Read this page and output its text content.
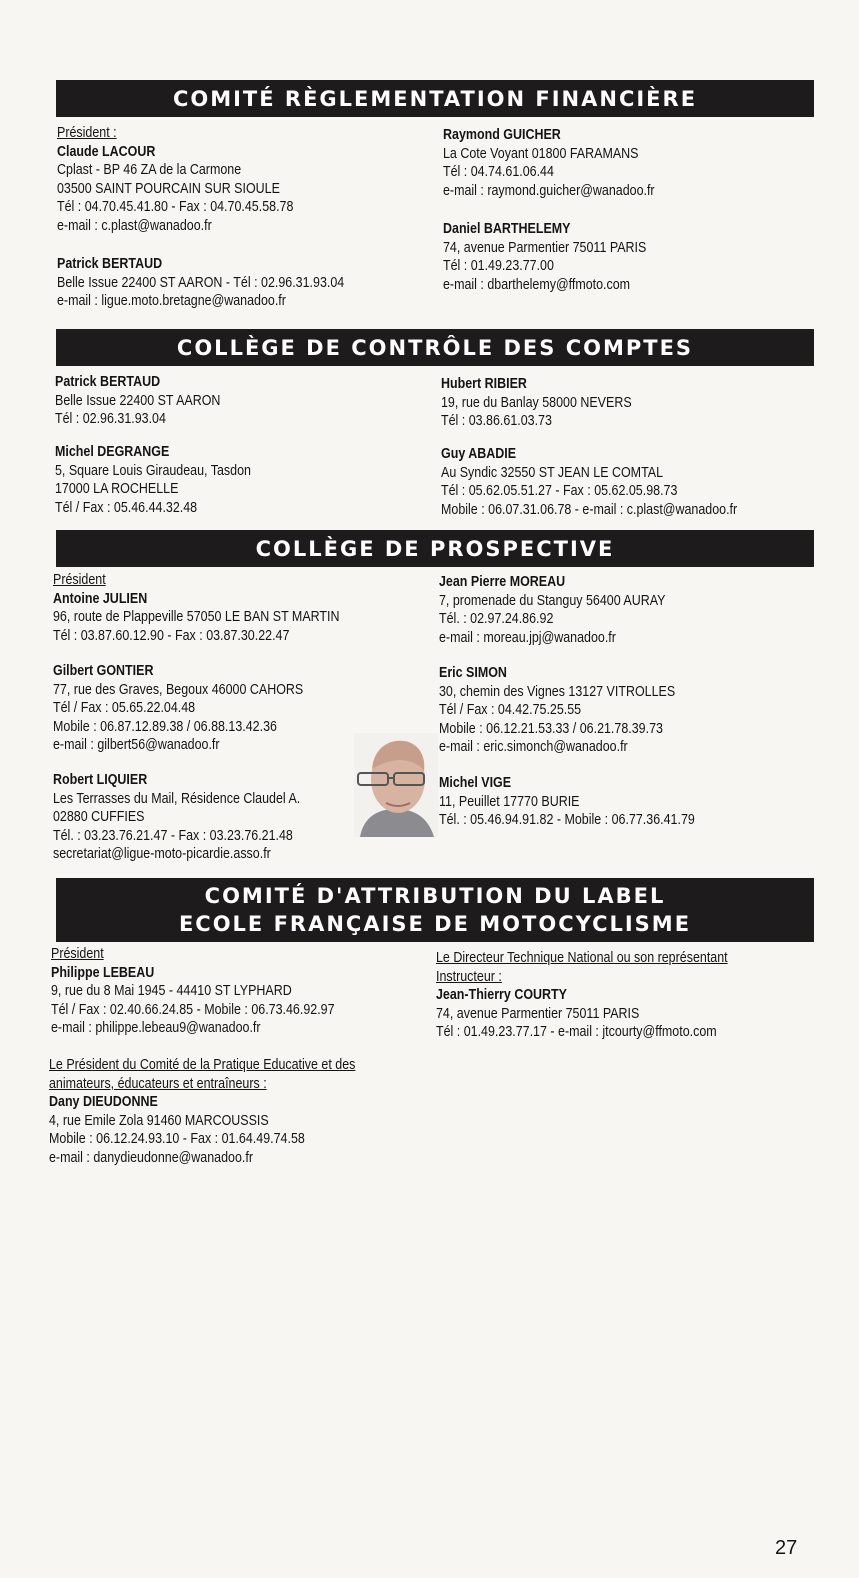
COMITÉ RÈGLEMENTATION FINANCIÈRE
Président :
Claude LACOUR
Cplast - BP 46 ZA de la Carmone
03500 SAINT POURCAIN SUR SIOULE
Tél : 04.70.45.41.80 - Fax : 04.70.45.58.78
e-mail : c.plast@wanadoo.fr
Patrick BERTAUD
Belle Issue 22400 ST AARON - Tél : 02.96.31.93.04
e-mail : ligue.moto.bretagne@wanadoo.fr
Raymond GUICHER
La Cote Voyant 01800 FARAMANS
Tél : 04.74.61.06.44
e-mail : raymond.guicher@wanadoo.fr
Daniel BARTHELEMY
74, avenue Parmentier 75011 PARIS
Tél : 01.49.23.77.00
e-mail : dbarthelemy@ffmoto.com
COLLÈGE DE CONTRÔLE DES COMPTES
Patrick BERTAUD
Belle Issue 22400 ST AARON
Tél : 02.96.31.93.04
Michel DEGRANGE
5, Square Louis Giraudeau, Tasdon
17000 LA ROCHELLE
Tél / Fax : 05.46.44.32.48
Hubert RIBIER
19, rue du Banlay 58000 NEVERS
Tél : 03.86.61.03.73
Guy ABADIE
Au Syndic 32550 ST JEAN LE COMTAL
Tél : 05.62.05.51.27 - Fax : 05.62.05.98.73
Mobile : 06.07.31.06.78 - e-mail : c.plast@wanadoo.fr
COLLÈGE DE PROSPECTIVE
Président
Antoine JULIEN
96, route de Plappeville 57050 LE BAN ST MARTIN
Tél : 03.87.60.12.90 - Fax : 03.87.30.22.47
Gilbert GONTIER
77, rue des Graves, Begoux 46000 CAHORS
Tél / Fax : 05.65.22.04.48
Mobile : 06.87.12.89.38 / 06.88.13.42.36
e-mail : gilbert56@wanadoo.fr
Robert LIQUIER
Les Terrasses du Mail, Résidence Claudel A.
02880 CUFFIES
Tél. : 03.23.76.21.47 - Fax : 03.23.76.21.48
secretariat@ligue-moto-picardie.asso.fr
Jean Pierre MOREAU
7, promenade du Stanguy 56400 AURAY
Tél. : 02.97.24.86.92
e-mail : moreau.jpj@wanadoo.fr
Eric SIMON
30, chemin des Vignes 13127 VITROLLES
Tél / Fax : 04.42.75.25.55
Mobile : 06.12.21.53.33 / 06.21.78.39.73
e-mail : eric.simonch@wanadoo.fr
Michel VIGE
11, Peuillet 17770 BURIE
Tél. : 05.46.94.91.82 - Mobile : 06.77.36.41.79
COMITÉ D'ATTRIBUTION DU LABEL
ECOLE FRANÇAISE DE MOTOCYCLISME
Président
Philippe LEBEAU
9, rue du 8 Mai 1945 - 44410 ST LYPHARD
Tél / Fax : 02.40.66.24.85 - Mobile : 06.73.46.92.97
e-mail : philippe.lebeau9@wanadoo.fr
Le Président du Comité de la Pratique Educative et des
animateurs, éducateurs et entraîneurs :
Dany DIEUDONNE
4, rue Emile Zola 91460 MARCOUSSIS
Mobile : 06.12.24.93.10 - Fax : 01.64.49.74.58
e-mail : danydieudonne@wanadoo.fr
Le Directeur Technique National ou son représentant
Instructeur :
Jean-Thierry COURTY
74, avenue Parmentier 75011 PARIS
Tél : 01.49.23.77.17 - e-mail : jtcourty@ffmoto.com
27
